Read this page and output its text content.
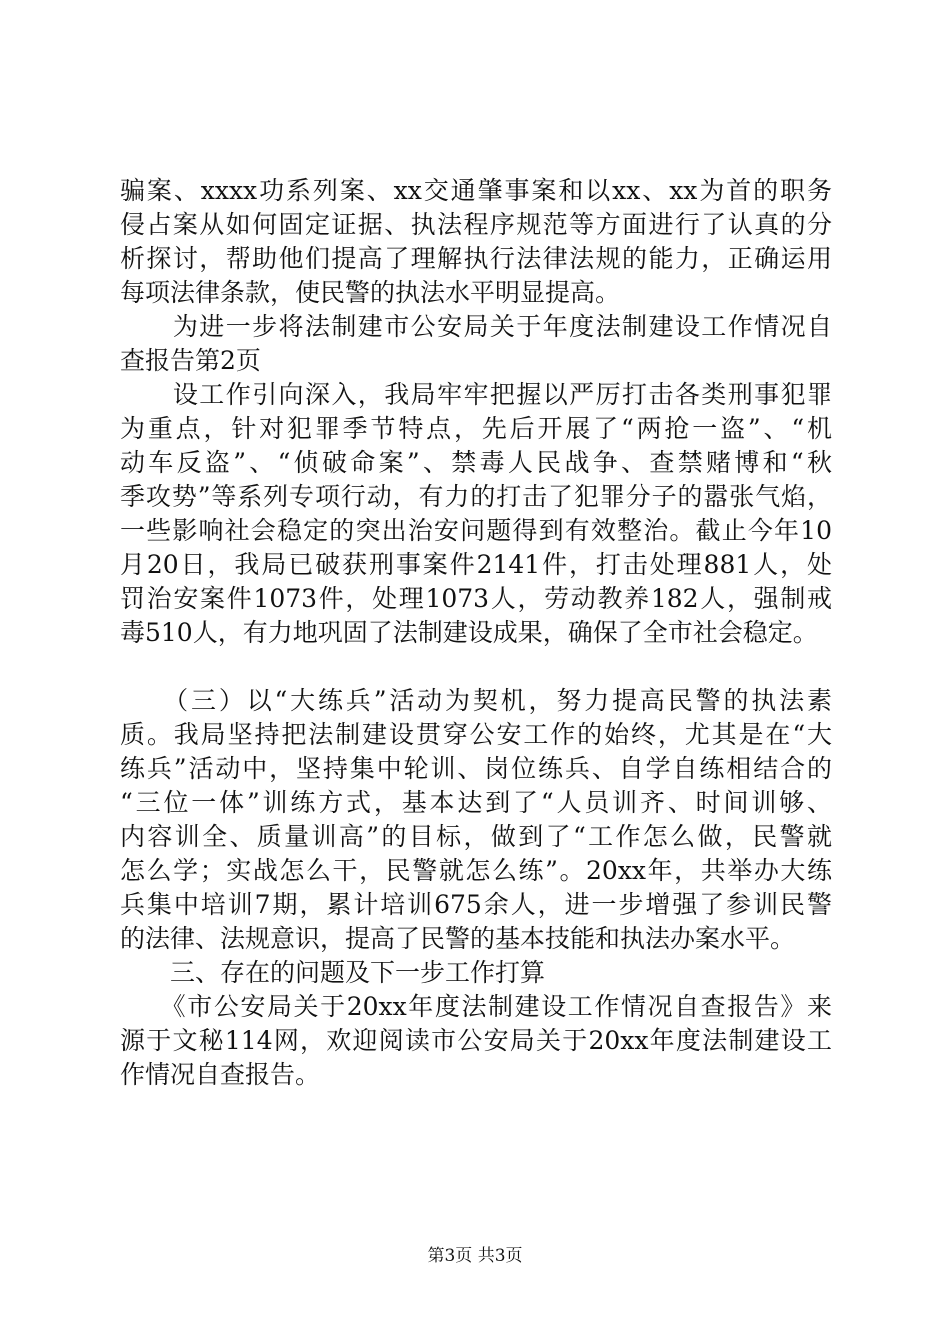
骗案、xxxx功系列案、xx交通肇事案和以xx、xx为首的职务
侵占案从如何固定证据、执法程序规范等方面进行了认真的分
析探讨，帮助他们提高了理解执行法律法规的能力，正确运用
每项法律条款，使民警的执法水平明显提高。
　　为进一步将法制建市公安局关于年度法制建设工作情况自
查报告第2页
　　设工作引向深入，我局牢牢把握以严厉打击各类刑事犯罪
为重点，针对犯罪季节特点，先后开展了“两抢一盗”、“机
动车反盗”、“侦破命案”、禁毒人民战争、查禁赌博和“秋
季攻势”等系列专项行动，有力的打击了犯罪分子的嚣张气焰，
一些影响社会稳定的突出治安问题得到有效整治。截止今年10
月20日，我局已破获刑事案件2141件，打击处理881人，处
罚治安案件1073件，处理1073人，劳动教养182人，强制戒
毒510人，有力地巩固了法制建设成果，确保了全市社会稳定。
　　（三）以“大练兵”活动为契机，努力提高民警的执法素
质。我局坚持把法制建设贯穿公安工作的始终，尤其是在“大
练兵”活动中，坚持集中轮训、岗位练兵、自学自练相结合的
“三位一体”训练方式，基本达到了“人员训齐、时间训够、
内容训全、质量训高”的目标，做到了“工作怎么做，民警就
怎么学；实战怎么干，民警就怎么练”。20xx年，共举办大练
兵集中培训7期，累计培训675余人，进一步增强了参训民警
的法律、法规意识，提高了民警的基本技能和执法办案水平。
　　三、存在的问题及下一步工作打算
　　《市公安局关于20xx年度法制建设工作情况自查报告》来
源于文秘114网，欢迎阅读市公安局关于20xx年度法制建设工
作情况自查报告。
第3页 共3页
